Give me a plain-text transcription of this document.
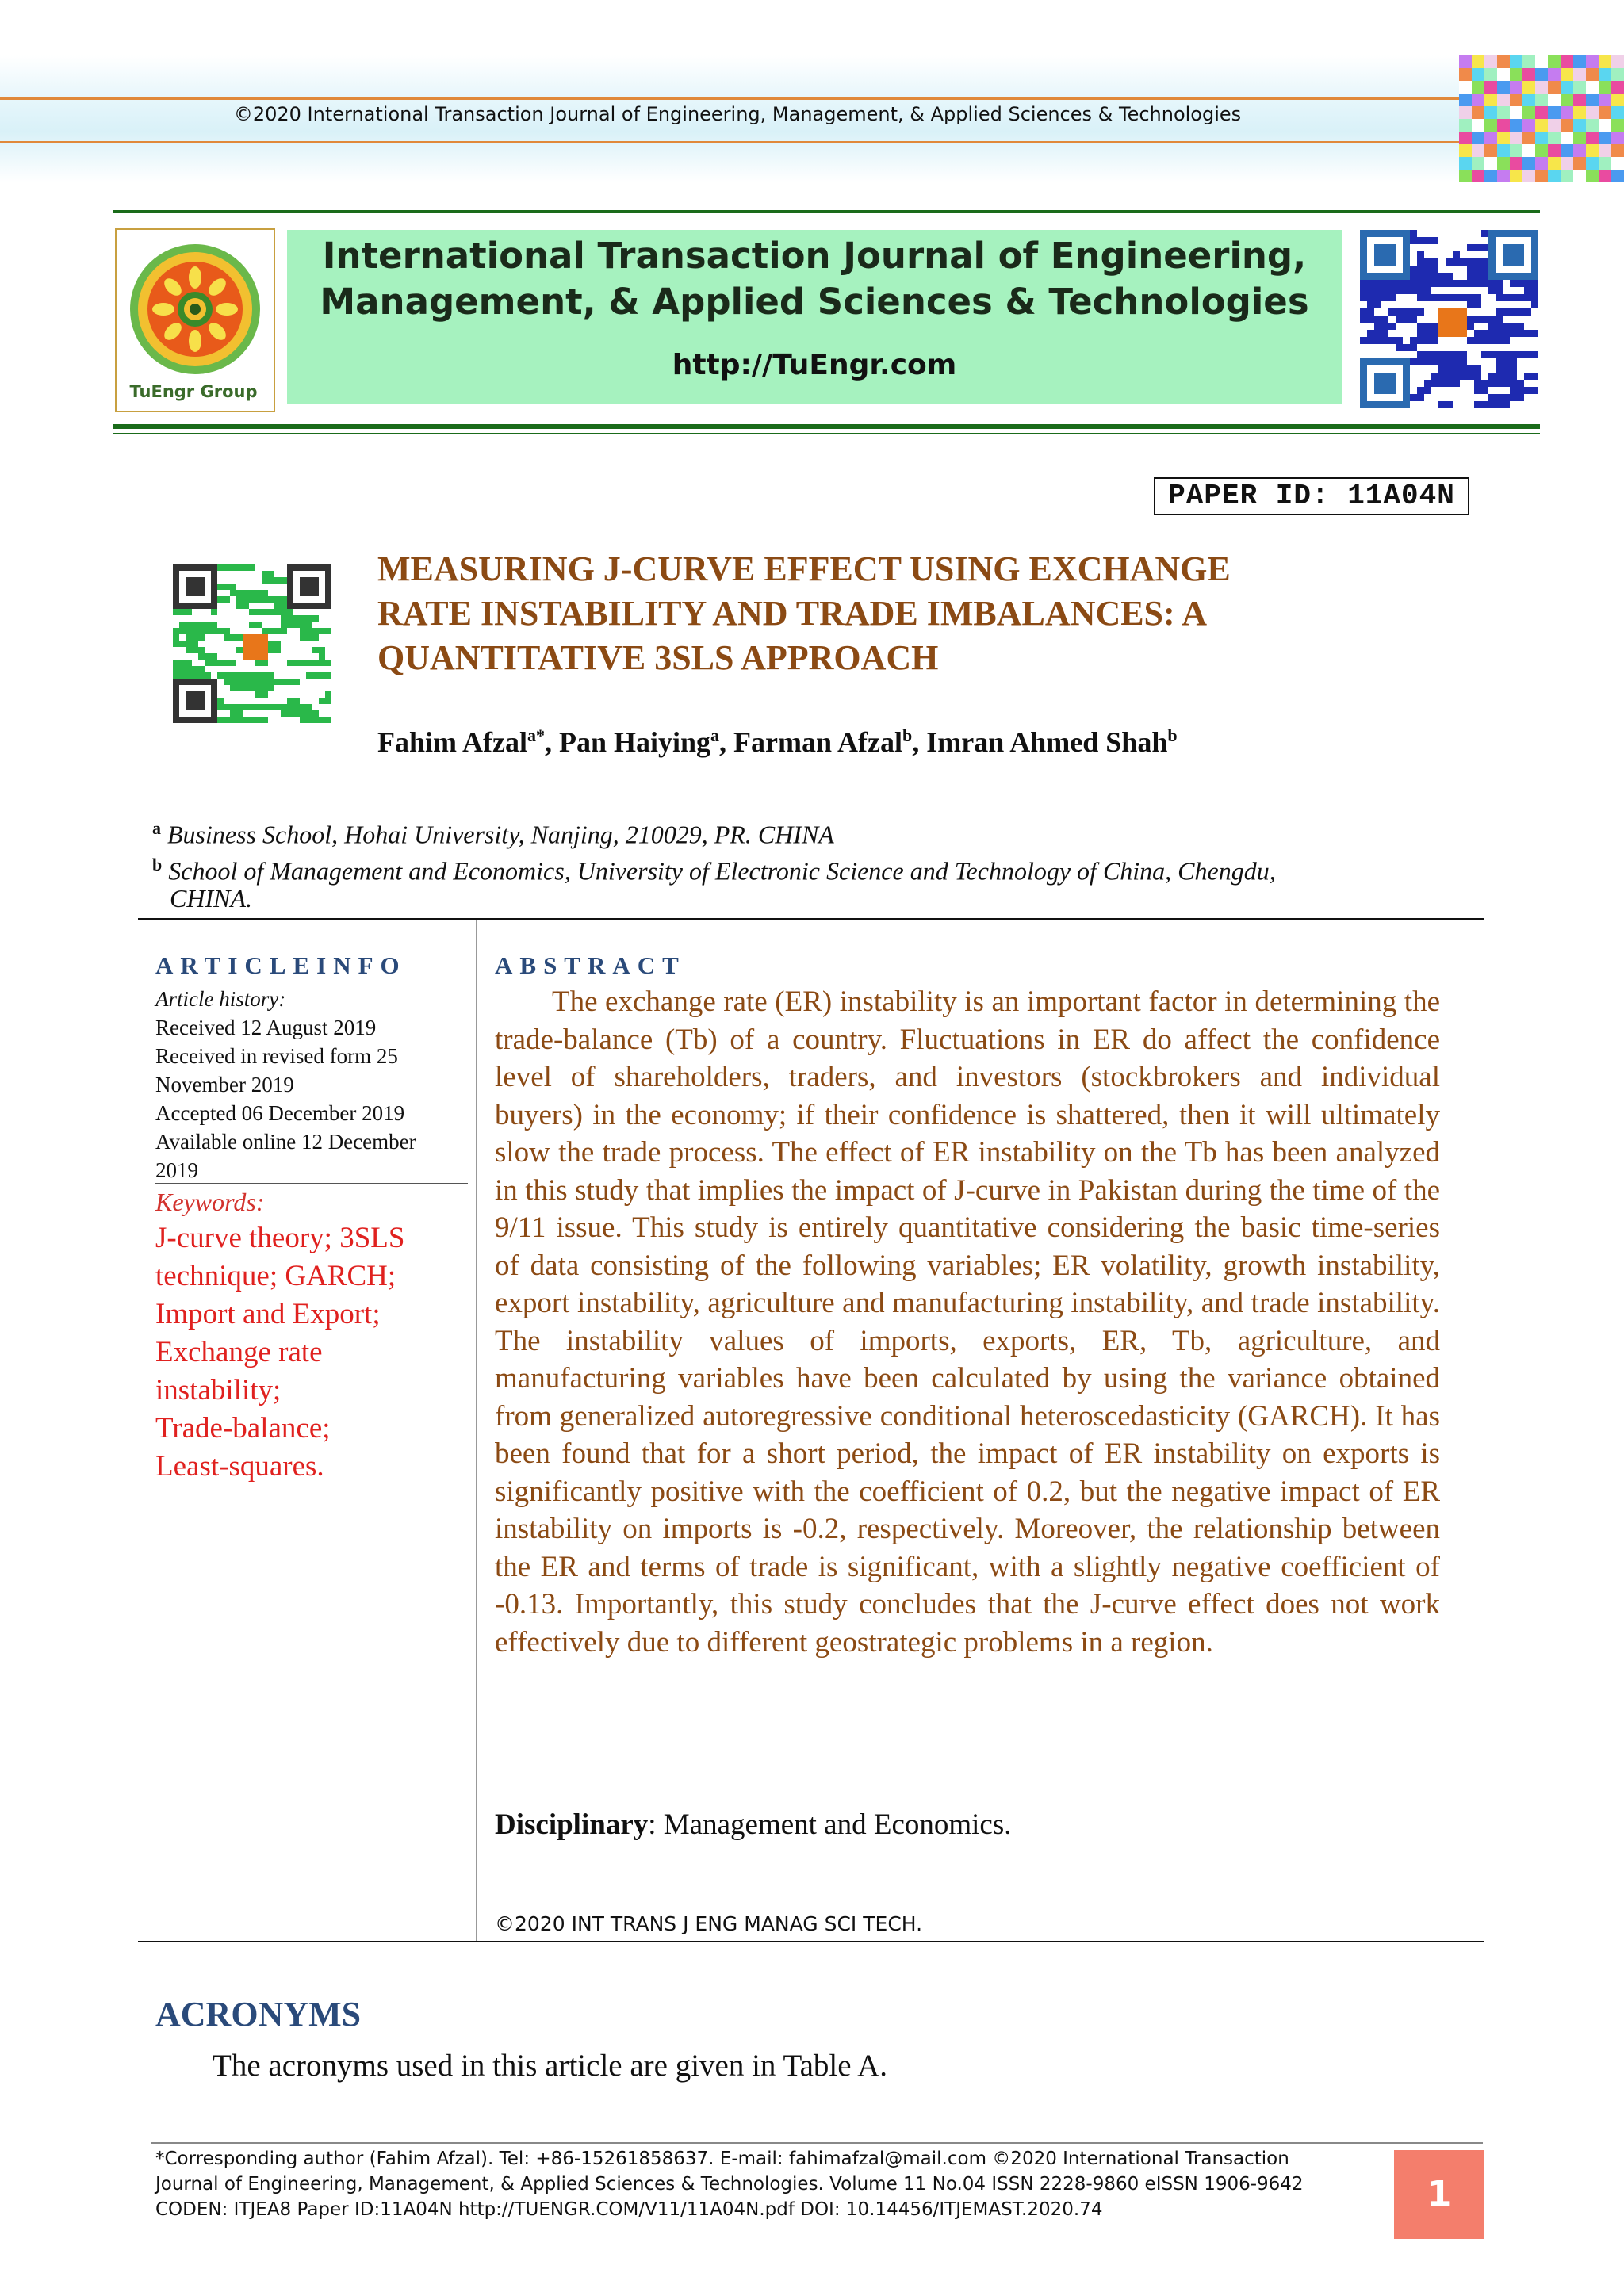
©2020 International Transaction Journal of Engineering, Management, & Applied Sciences & Technologies
TuEngr Group
International Transaction Journal of Engineering,
Management, & Applied Sciences & Technologies
http://TuEngr.com
PAPER ID: 11A04N
MEASURING J-CURVE EFFECT USING EXCHANGE
RATE INSTABILITY AND TRADE IMBALANCES: A
QUANTITATIVE 3SLS APPROACH
Fahim Afzal$^{a*}$, Pan Haiying$^a$, Farman Afzal$^b$, Imran Ahmed Shah$^b$
$^a$ Business School, Hohai University, Nanjing, 210029, PR. CHINA
$^b$ School of Management and Economics, University of Electronic Science and Technology of China, Chengdu,
CHINA.
ARTICLEINFO
Article history:
Received 12 August 2019
Received in revised form 25
November 2019
Accepted 06 December 2019
Available online 12 December
2019
Keywords:
J-curve theory; 3SLS
technique; GARCH;
Import and Export;
Exchange rate
instability;
Trade-balance;
Least-squares.
ABSTRACT
The exchange rate (ER) instability is an important factor in determining the trade-balance (Tb) of a country. Fluctuations in ER do affect the confidence level of shareholders, traders, and investors (stockbrokers and individual buyers) in the economy; if their confidence is shattered, then it will ultimately slow the trade process. The effect of ER instability on the Tb has been analyzed in this study that implies the impact of J-curve in Pakistan during the time of the 9/11 issue. This study is entirely quantitative considering the basic time-series of data consisting of the following variables; ER volatility, growth instability, export instability, agriculture and manufacturing instability, and trade instability. The instability values of imports, exports, ER, Tb, agriculture, and manufacturing variables have been calculated by using the variance obtained from generalized autoregressive conditional heteroscedasticity (GARCH). It has been found that for a short period, the impact of ER instability on exports is significantly positive with the coefficient of 0.2, but the negative impact of ER instability on imports is -0.2, respectively. Moreover, the relationship between the ER and terms of trade is significant, with a slightly negative coefficient of -0.13. Importantly, this study concludes that the J-curve effect does not work effectively due to different geostrategic problems in a region.
Disciplinary: Management and Economics.
©2020 INT TRANS J ENG MANAG SCI TECH.
ACRONYMS
The acronyms used in this article are given in Table A.
*Corresponding author (Fahim Afzal). Tel: +86-15261858637. E-mail: fahimafzal@mail.com ©2020 International Transaction
Journal of Engineering, Management, & Applied Sciences & Technologies. Volume 11 No.04 ISSN 2228-9860 eISSN 1906-9642
CODEN: ITJEA8 Paper ID:11A04N http://TUENGR.COM/V11/11A04N.pdf DOI: 10.14456/ITJEMAST.2020.74	1
